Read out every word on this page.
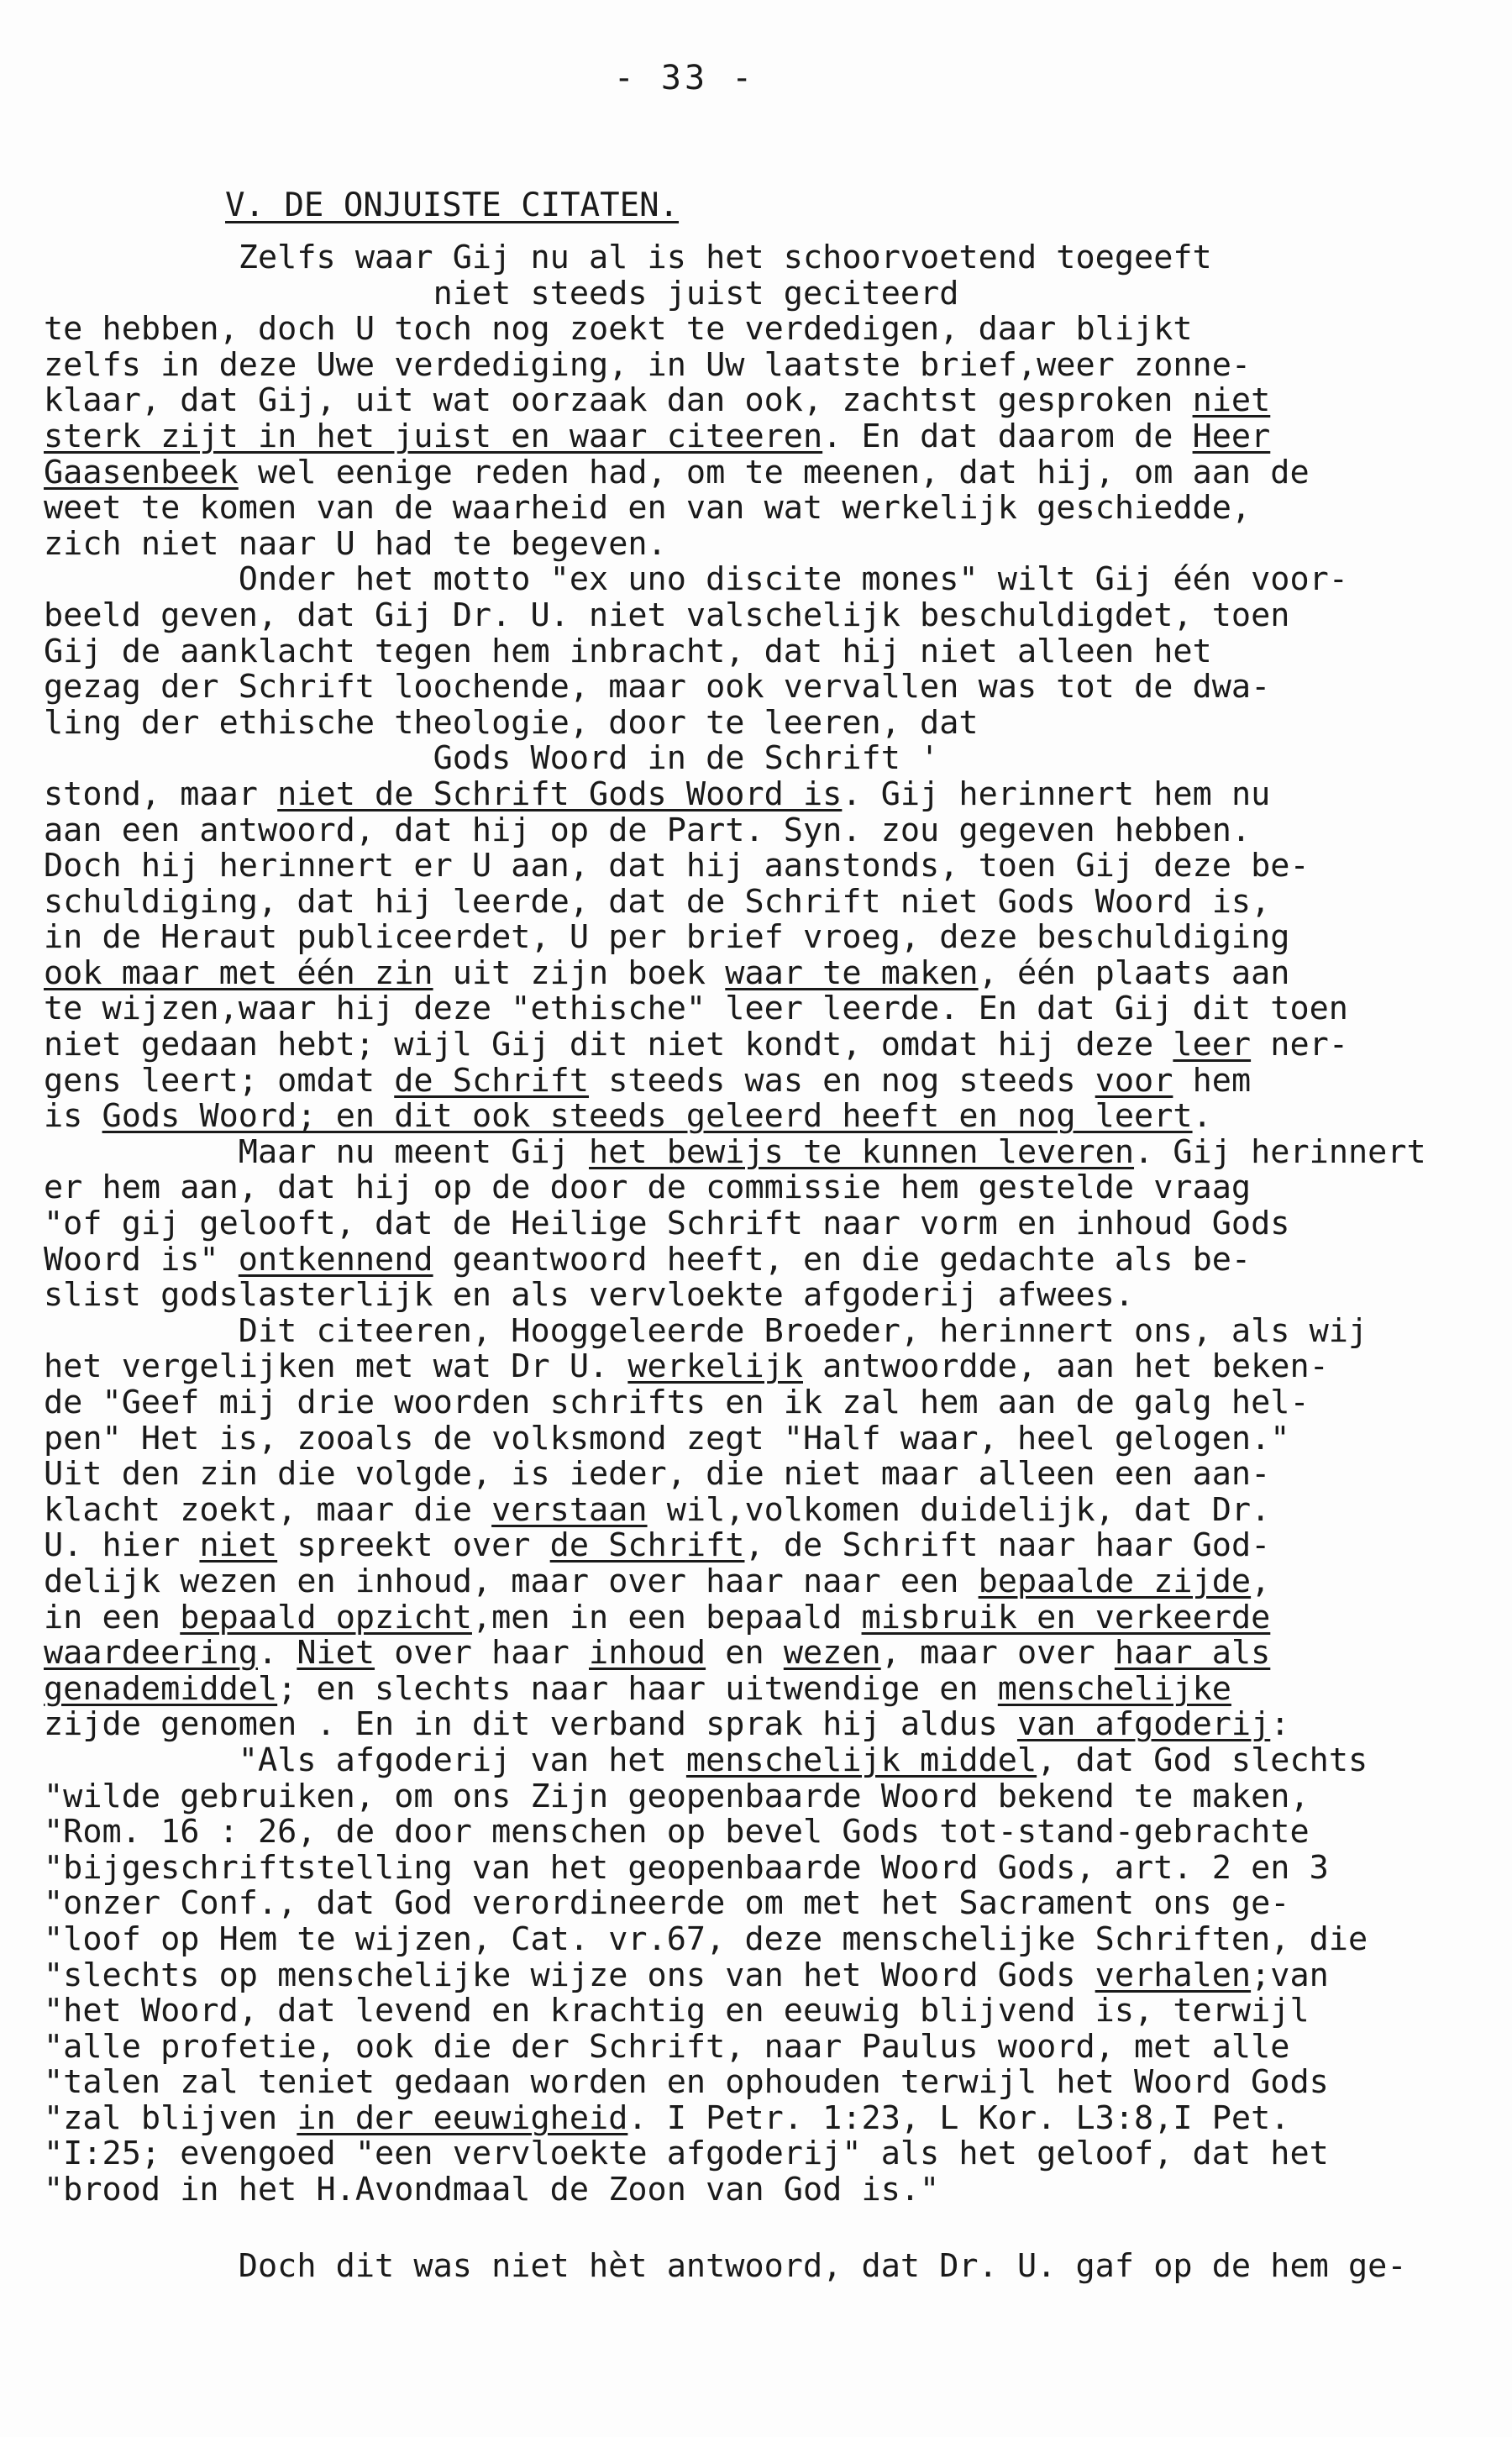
- 33 -
V. DE ONJUISTE CITATEN.
Zelfs waar Gij nu al is het schoorvoetend toegeeft
niet steeds juist geciteerd
te hebben, doch U toch nog zoekt te verdedigen, daar blijkt
zelfs in deze Uwe verdediging, in Uw laatste brief,weer zonne-
klaar, dat Gij, uit wat oorzaak dan ook, zachtst gesproken niet
sterk zijt in het juist en waar citeeren. En dat daarom de Heer
Gaasenbeek wel eenige reden had, om te meenen, dat hij, om aan de
weet te komen van de waarheid en van wat werkelijk geschiedde,
zich niet naar U had te begeven.
Onder het motto "ex uno discite mones" wilt Gij één voor-
beeld geven, dat Gij Dr. U. niet valschelijk beschuldigdet, toen
Gij de aanklacht tegen hem inbracht, dat hij niet alleen het
gezag der Schrift loochende, maar ook vervallen was tot de dwa-
ling der ethische theologie, door te leeren, dat
Gods Woord in de Schrift '
stond, maar niet de Schrift Gods Woord is. Gij herinnert hem nu
aan een antwoord, dat hij op de Part. Syn. zou gegeven hebben.
Doch hij herinnert er U aan, dat hij aanstonds, toen Gij deze be-
schuldiging, dat hij leerde, dat de Schrift niet Gods Woord is,
in de Heraut publiceerdet, U per brief vroeg, deze beschuldiging
ook maar met één zin uit zijn boek waar te maken, één plaats aan
te wijzen,waar hij deze "ethische" leer leerde. En dat Gij dit toen
niet gedaan hebt; wijl Gij dit niet kondt, omdat hij deze leer ner-
gens leert; omdat de Schrift steeds was en nog steeds voor hem
is Gods Woord; en dit ook steeds geleerd heeft en nog leert.
Maar nu meent Gij het bewijs te kunnen leveren. Gij herinnert
er hem aan, dat hij op de door de commissie hem gestelde vraag
"of gij gelooft, dat de Heilige Schrift naar vorm en inhoud Gods
Woord is" ontkennend geantwoord heeft, en die gedachte als be-
slist godslasterlijk en als vervloekte afgoderij afwees.
Dit citeeren, Hooggeleerde Broeder, herinnert ons, als wij
het vergelijken met wat Dr U. werkelijk antwoordde, aan het beken-
de "Geef mij drie woorden schrifts en ik zal hem aan de galg hel-
pen" Het is, zooals de volksmond zegt "Half waar, heel gelogen."
Uit den zin die volgde, is ieder, die niet maar alleen een aan-
klacht zoekt, maar die verstaan wil,volkomen duidelijk, dat Dr.
U. hier niet spreekt over de Schrift, de Schrift naar haar God-
delijk wezen en inhoud, maar over haar naar een bepaalde zijde,
in een bepaald opzicht,men in een bepaald misbruik en verkeerde
waardeering. Niet over haar inhoud en wezen, maar over haar als
genademiddel; en slechts naar haar uitwendige en menschelijke
zijde genomen . En in dit verband sprak hij aldus van afgoderij:
"Als afgoderij van het menschelijk middel, dat God slechts
"wilde gebruiken, om ons Zijn geopenbaarde Woord bekend te maken,
"Rom. 16 : 26, de door menschen op bevel Gods tot-stand-gebrachte
"bijgeschriftstelling van het geopenbaarde Woord Gods, art. 2 en 3
"onzer Conf., dat God verordineerde om met het Sacrament ons ge-
"loof op Hem te wijzen, Cat. vr.67, deze menschelijke Schriften, die
"slechts op menschelijke wijze ons van het Woord Gods verhalen;van
"het Woord, dat levend en krachtig en eeuwig blijvend is, terwijl
"alle profetie, ook die der Schrift, naar Paulus woord, met alle
"talen zal teniet gedaan worden en ophouden terwijl het Woord Gods
"zal blijven in der eeuwigheid. I Petr. 1:23, L Kor. L3:8,I Pet.
"I:25; evengoed "een vervloekte afgoderij" als het geloof, dat het
"brood in het H.Avondmaal de Zoon van God is."
Doch dit was niet hèt antwoord, dat Dr. U. gaf op de hem ge-
